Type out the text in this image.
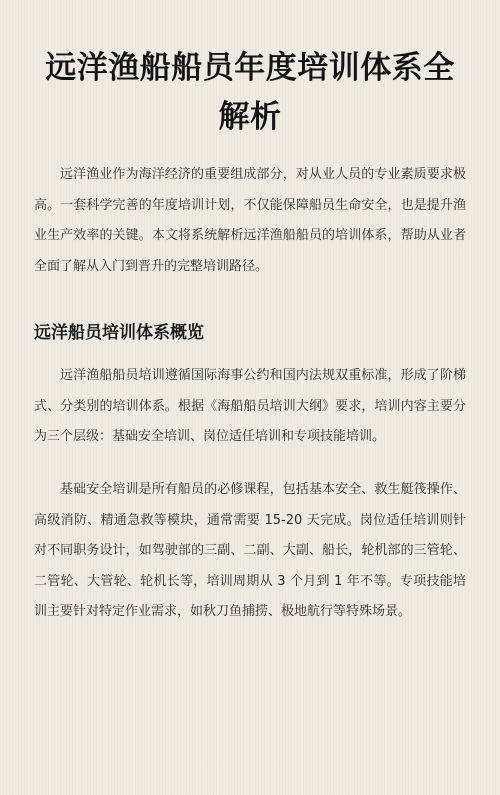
远洋渔船船员年度培训体系全解析

远洋渔业作为海洋经济的重要组成部分，对从业人员的专业素质要求极高。一套科学完善的年度培训计划，不仅能保障船员生命安全，也是提升渔业生产效率的关键。本文将系统解析远洋渔船船员的培训体系，帮助从业者全面了解从入门到晋升的完整培训路径。

远洋船员培训体系概览

远洋渔船船员培训遵循国际海事公约和国内法规双重标准，形成了阶梯式、分类别的培训体系。根据《海船船员培训大纲》要求，培训内容主要分为三个层级：基础安全培训、岗位适任培训和专项技能培训。

基础安全培训是所有船员的必修课程，包括基本安全、救生艇筏操作、高级消防、精通急救等模块，通常需要 15-20 天完成。岗位适任培训则针对不同职务设计，如驾驶部的三副、二副、大副、船长，轮机部的三管轮、二管轮、大管轮、轮机长等，培训周期从 3 个月到 1 年不等。专项技能培训主要针对特定作业需求，如秋刀鱼捕捞、极地航行等特殊场景。
